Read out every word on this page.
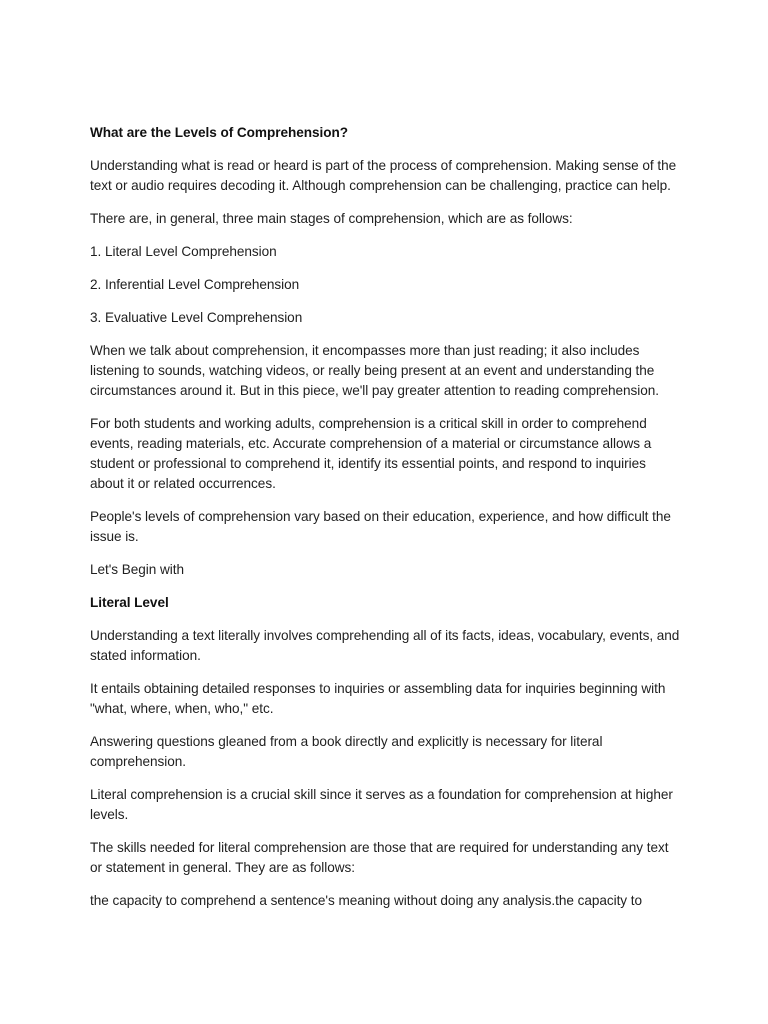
What are the Levels of Comprehension?

Understanding what is read or heard is part of the process of comprehension. Making sense of the text or audio requires decoding it. Although comprehension can be challenging, practice can help.

There are, in general, three main stages of comprehension, which are as follows:

1. Literal Level Comprehension

2. Inferential Level Comprehension

3. Evaluative Level Comprehension

When we talk about comprehension, it encompasses more than just reading; it also includes listening to sounds, watching videos, or really being present at an event and understanding the circumstances around it. But in this piece, we'll pay greater attention to reading comprehension.

For both students and working adults, comprehension is a critical skill in order to comprehend events, reading materials, etc. Accurate comprehension of a material or circumstance allows a student or professional to comprehend it, identify its essential points, and respond to inquiries about it or related occurrences.

People's levels of comprehension vary based on their education, experience, and how difficult the issue is.

Let's Begin with

Literal Level

Understanding a text literally involves comprehending all of its facts, ideas, vocabulary, events, and stated information.

It entails obtaining detailed responses to inquiries or assembling data for inquiries beginning with "what, where, when, who," etc.

Answering questions gleaned from a book directly and explicitly is necessary for literal comprehension.

Literal comprehension is a crucial skill since it serves as a foundation for comprehension at higher levels.

The skills needed for literal comprehension are those that are required for understanding any text or statement in general. They are as follows:

the capacity to comprehend a sentence's meaning without doing any analysis.the capacity to
